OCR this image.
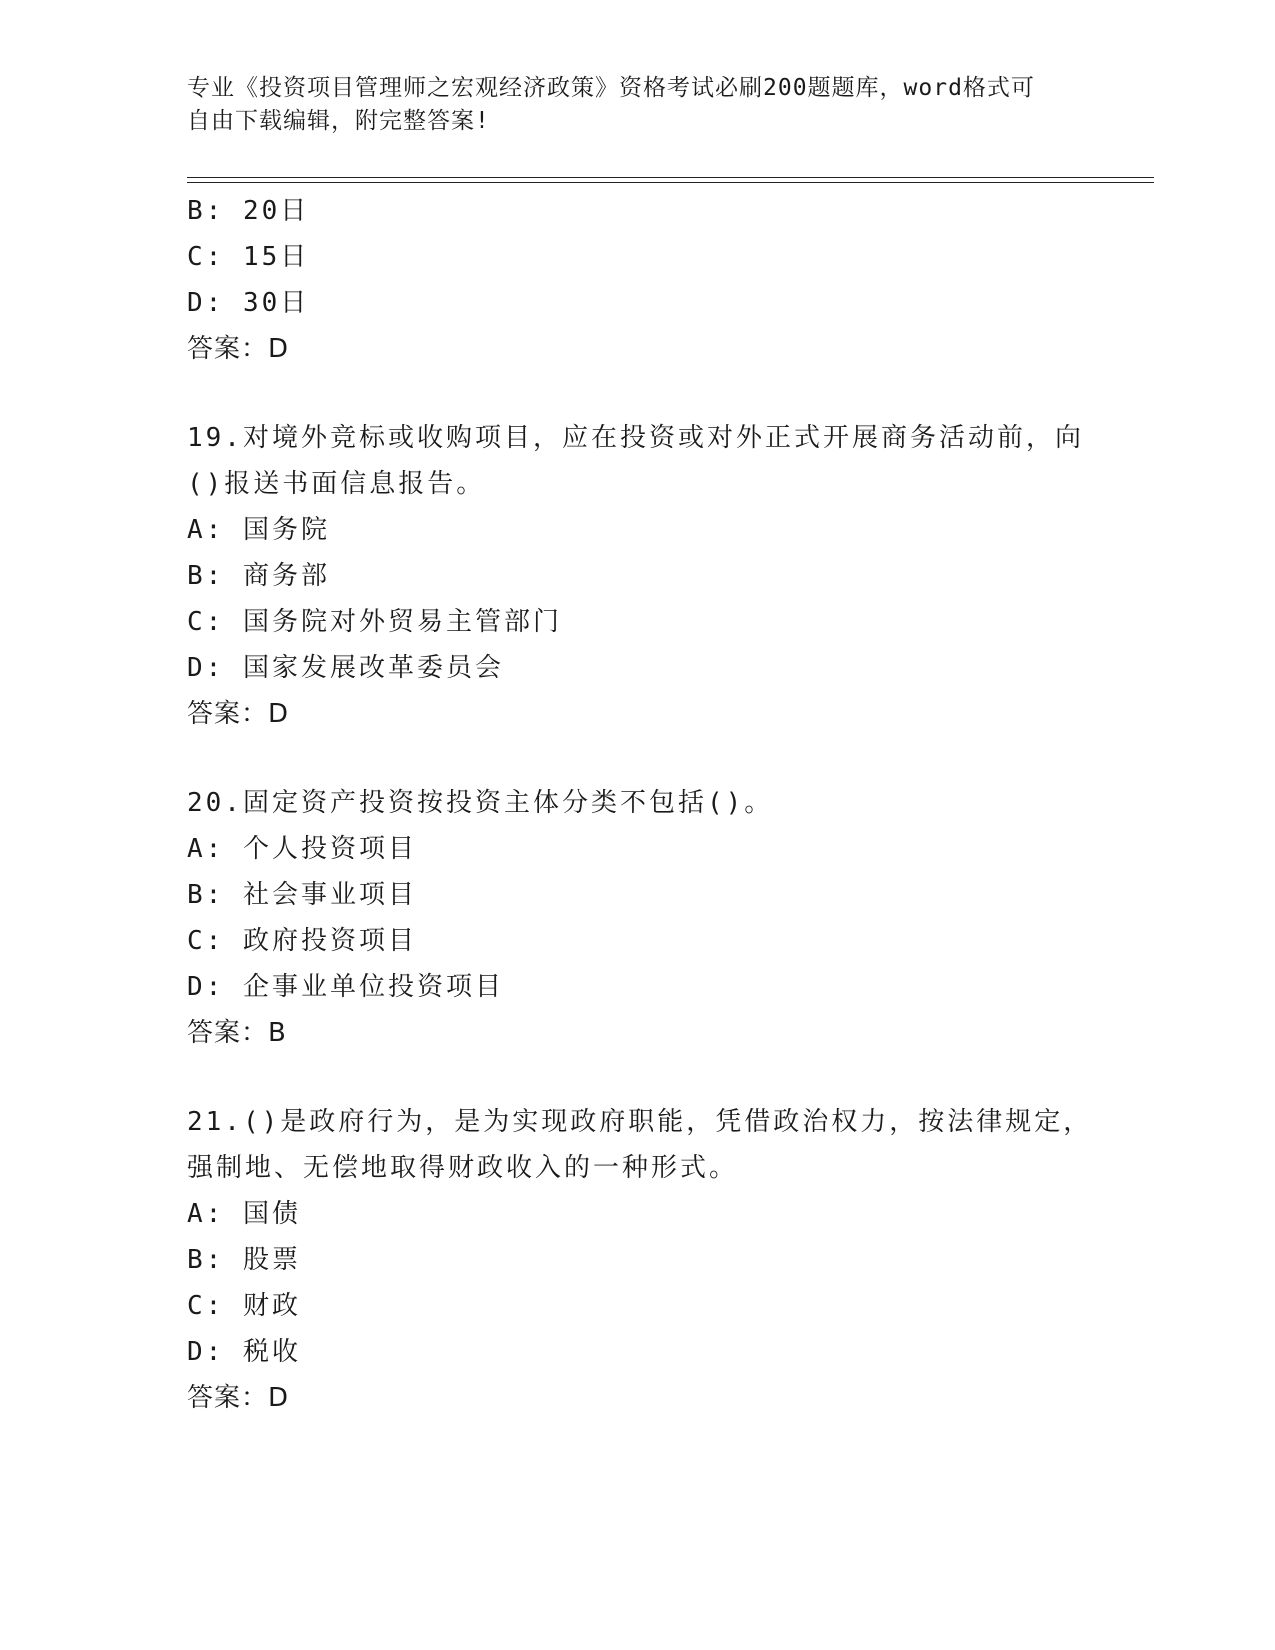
专业《投资项目管理师之宏观经济政策》资格考试必刷200题题库，word格式可
自由下载编辑，附完整答案!
B: 20日
C: 15日
D: 30日
答案：D
19.对境外竞标或收购项目，应在投资或对外正式开展商务活动前，向
()报送书面信息报告。
A: 国务院
B: 商务部
C: 国务院对外贸易主管部门
D: 国家发展改革委员会
答案：D
20.固定资产投资按投资主体分类不包括()。
A: 个人投资项目
B: 社会事业项目
C: 政府投资项目
D: 企事业单位投资项目
答案：B
21.()是政府行为，是为实现政府职能，凭借政治权力，按法律规定，
强制地、无偿地取得财政收入的一种形式。
A: 国债
B: 股票
C: 财政
D: 税收
答案：D
